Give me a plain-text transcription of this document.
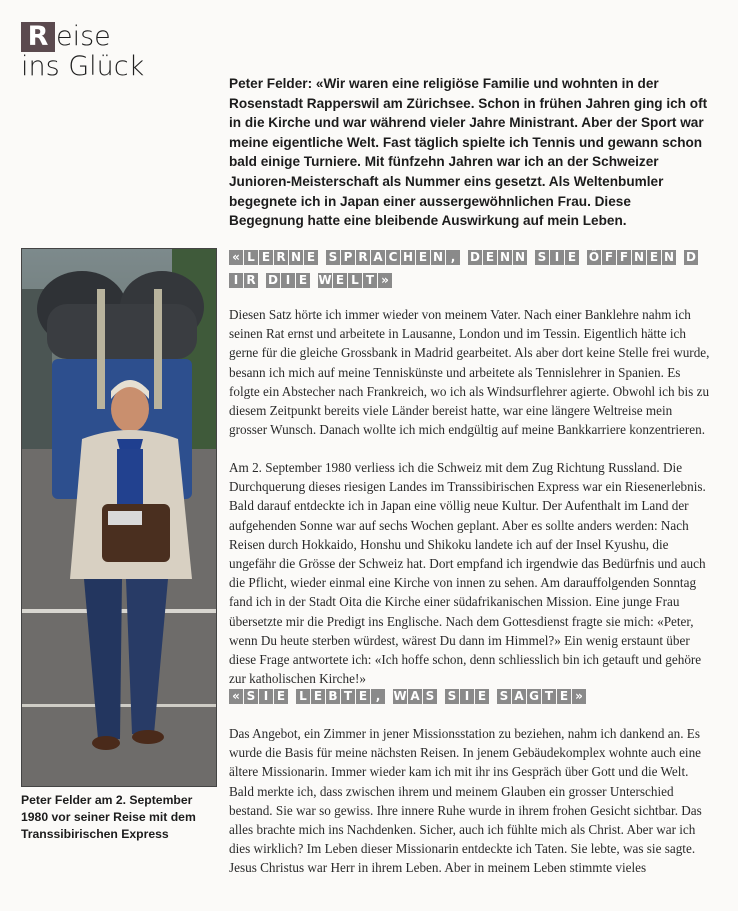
R eise
ins Glück
Peter Felder: «Wir waren eine religiöse Familie und wohnten in der Rosenstadt Rapperswil am Zürichsee. Schon in frühen Jahren ging ich oft in die Kirche und war während vieler Jahre Ministrant. Aber der Sport war meine eigentliche Welt. Fast täglich spielte ich Tennis und gewann schon bald einige Turniere. Mit fünfzehn Jahren war ich an der Schweizer Junioren-Meisterschaft als Nummer eins gesetzt. Als Weltenbumler begegnete ich in Japan einer aussergewöhnlichen Frau. Diese Begegnung hatte eine bleibende Auswirkung auf mein Leben.
Peter Felder am 2. September 1980 vor seiner Reise mit dem Transsibirischen Express
« L E R N E S P R A C H E N , D E N N S I E Ö F F N E N DI R D I E W E L T »

Diesen Satz hörte ich immer wieder von meinem Vater. Nach einer Banklehre nahm ich seinen Rat ernst und arbeitete in Lausanne, London und im Tessin. Eigentlich hätte ich gerne für die gleiche Grossbank in Madrid gearbeitet. Als aber dort keine Stelle frei wurde, besann ich mich auf meine Tenniskünste und arbeitete als Tennislehrer in Spanien. Es folgte ein Abstecher nach Frankreich, wo ich als Windsurflehrer agierte. Obwohl ich bis zu diesem Zeitpunkt bereits viele Länder bereist hatte, war eine längere Weltreise mein grosser Wunsch. Danach wollte ich mich endgültig auf meine Bankkarriere konzentrieren.

Am 2. September 1980 verliess ich die Schweiz mit dem Zug Richtung Russland. Die Durchquerung dieses riesigen Landes im Transsibirischen Express war ein Riesenerlebnis. Bald darauf entdeckte ich in Japan eine völlig neue Kultur. Der Aufenthalt im Land der aufgehenden Sonne war auf sechs Wochen geplant. Aber es sollte anders werden: Nach Reisen durch Hokkaido, Honshu und Shikoku landete ich auf der Insel Kyushu, die ungefähr die Grösse der Schweiz hat. Dort empfand ich irgendwie das Bedürfnis und auch die Pflicht, wieder einmal eine Kirche von innen zu sehen. Am darauffolgenden Sonntag fand ich in der Stadt Oita die Kirche einer südafrikanischen Mission. Eine junge Frau übersetzte mir die Predigt ins Englische. Nach dem Gottesdienst fragte sie mich: «Peter, wenn Du heute sterben würdest, wärest Du dann im Himmel?» Ein wenig erstaunt über diese Frage antwortete ich: «Ich hoffe schon, denn schliesslich bin ich getauft und gehöre zur katholischen Kirche!»

« S I E L E B T E , W A S S I E S A G T E »

Das Angebot, ein Zimmer in jener Missionsstation zu beziehen, nahm ich dankend an. Es wurde die Basis für meine nächsten Reisen. In jenem Gebäudekomplex wohnte auch eine ältere Missionarin. Immer wieder kam ich mit ihr ins Gespräch über Gott und die Welt. Bald merkte ich, dass zwischen ihrem und meinem Glauben ein grosser Unterschied bestand. Sie war so gewiss. Ihre innere Ruhe wurde in ihrem frohen Gesicht sichtbar. Das alles brachte mich ins Nachdenken. Sicher, auch ich fühlte mich als Christ. Aber war ich dies wirklich? Im Leben dieser Missionarin entdeckte ich Taten. Sie lebte, was sie sagte. Jesus Christus war Herr in ihrem Leben. Aber in meinem Leben stimmte vieles
